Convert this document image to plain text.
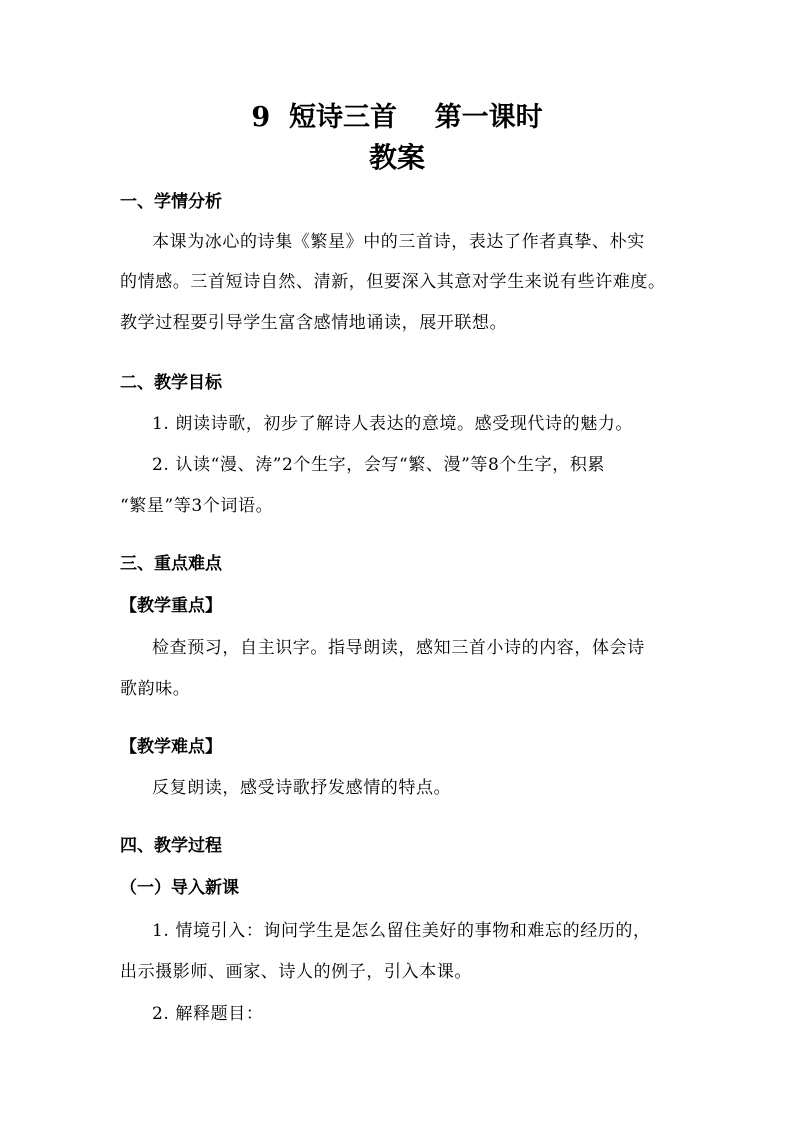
9  短诗三首    第一课时
教案
一、学情分析
本课为冰心的诗集《繁星》中的三首诗，表达了作者真挚、朴实
的情感。三首短诗自然、清新，但要深入其意对学生来说有些许难度。
教学过程要引导学生富含感情地诵读，展开联想。
二、教学目标
1. 朗读诗歌，初步了解诗人表达的意境。感受现代诗的魅力。
2. 认读“漫、涛”2个生字，会写“繁、漫”等8个生字，积累
“繁星”等3个词语。
三、重点难点
【教学重点】
检查预习，自主识字。指导朗读，感知三首小诗的内容，体会诗
歌韵味。
【教学难点】
反复朗读，感受诗歌抒发感情的特点。
四、教学过程
（一）导入新课
1. 情境引入：询问学生是怎么留住美好的事物和难忘的经历的，
出示摄影师、画家、诗人的例子，引入本课。
2. 解释题目：
